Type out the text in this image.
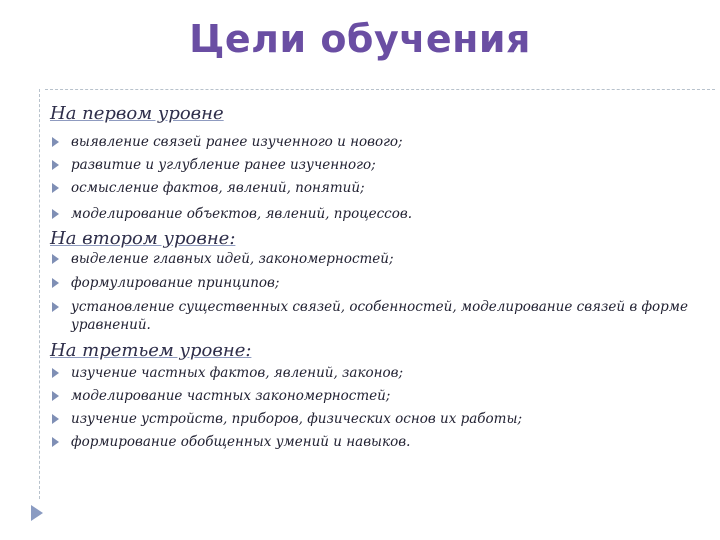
Цели обучения
На первом уровне
выявление связей ранее изученного и нового;
развитие и углубление ранее изученного;
осмысление фактов, явлений, понятий;
моделирование объектов, явлений, процессов.
На втором уровне:
выделение главных идей, закономерностей;
формулирование принципов;
установление существенных связей, особенностей, моделирование связей в форме уравнений.
На третьем уровне:
изучение частных фактов, явлений, законов;
моделирование частных закономерностей;
изучение устройств, приборов, физических основ их работы;
формирование обобщенных умений и навыков.
